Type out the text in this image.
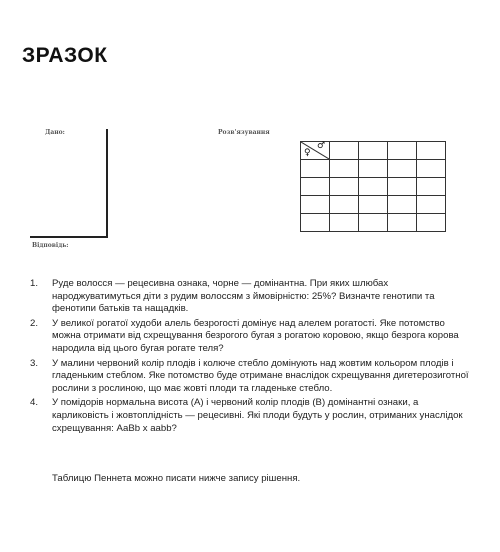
ЗРАЗОК
Дано:	Розв'язування
Відповідь:
♀
♂				

1. Руде волосся — рецесивна ознака, чорне — домінантна. При яких шлюбах народжуватимуться діти з рудим волоссям з ймовірністю: 25%? Визначте генотипи та фенотипи батьків та нащадків.
2. У великої рогатої худоби алель безрогості домінує над алелем рогатості. Яке потомство можна отримати від схрещування безрогого бугая з рогатою коровою, якщо безрога корова народила від цього бугая рогате теля?
3. У малини червоний колір плодів і колюче стебло домінують над жовтим кольором плодів і гладеньким стеблом. Яке потомство буде отримане внаслідок схрещування дигетерозиготної рослини з рослиною, що має жовті плоди та гладеньке стебло.
4. У помідорів нормальна висота (А) і червоний колір плодів (В) домінантні ознаки, а карликовість і жовтоплідність — рецесивні. Які плоди будуть у рослин, отриманих унаслідок схрещування: АаBb х ааbb?
Таблицю Пеннета можно писати нижче запису рішення.
